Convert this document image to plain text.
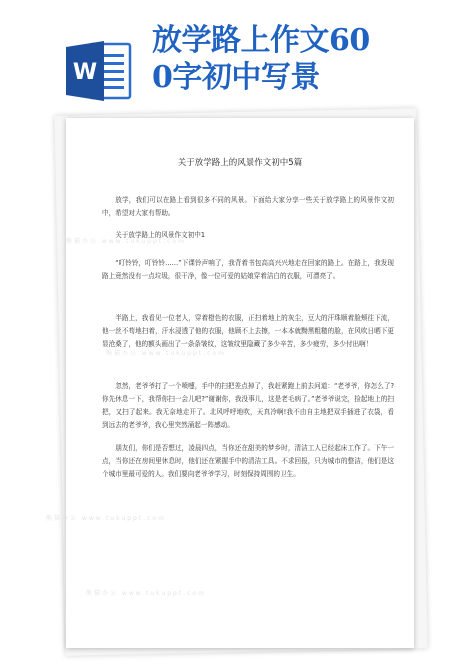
W
放学路上作文60
0字初中写景
关于放学路上的风景作文初中5篇

放学，我们可以在路上看到很多不同的风景。下面给大家分享一些关于放学路上的风景作文初中，希望对大家有帮助。

关于放学路上的风景作文初中1

“叮铃铃，叮铃铃……”下课铃声响了，我背着书包高高兴兴地走在回家的路上。在路上，我发现路上竟然没有一点垃圾，很干净，像一位可爱的姑娘穿着洁白的衣服，可漂亮了。

半路上，我看见一位老人，穿着橙色的衣服，正扫着地上的灰尘，豆大的汗珠顺着脸颊往下流，他一丝不苟地扫着，汗水浸透了他的衣服，他顾不上去擦，一本本就黝黑粗糙的脸，在风吹日晒下更显沧桑了，他的额头画出了一条条皱纹，这皱纹里隐藏了多少辛苦，多少疲劳，多少付出啊！

忽然，老爷爷打了一个喷嚏，手中的扫把差点掉了，我赶紧跑上前去问道：“老爷爷，你怎么了?你先休息一下，我帮你扫一会儿吧?”谢谢你，我没事儿，这是老毛病了。”老爷爷说完，捡起地上的扫把，又扫了起来。我无奈地走开了。北风呼呼地吹，天真冷啊!我不由自主地把双手插进了衣袋，看到远去的老爷爷，我心里突然涌起一阵感动。

朋友们，你们是否想过，凌晨四点，当你还在甜美的梦乡时，清洁工人已经起床工作了。下午一点，当你还在房间里休息时，他们还在紧握手中的清洁工具。不求回报，只为城市的整洁，他们是这个城市里最可爱的人。我们要向老爷爷学习，时刻保持周围的卫生。

熊猫办公 www.tukuppt.com
熊猫办公 www.tukuppt.com
熊猫办公 www.tukuppt.com
熊猫办公 www.tukuppt.com
